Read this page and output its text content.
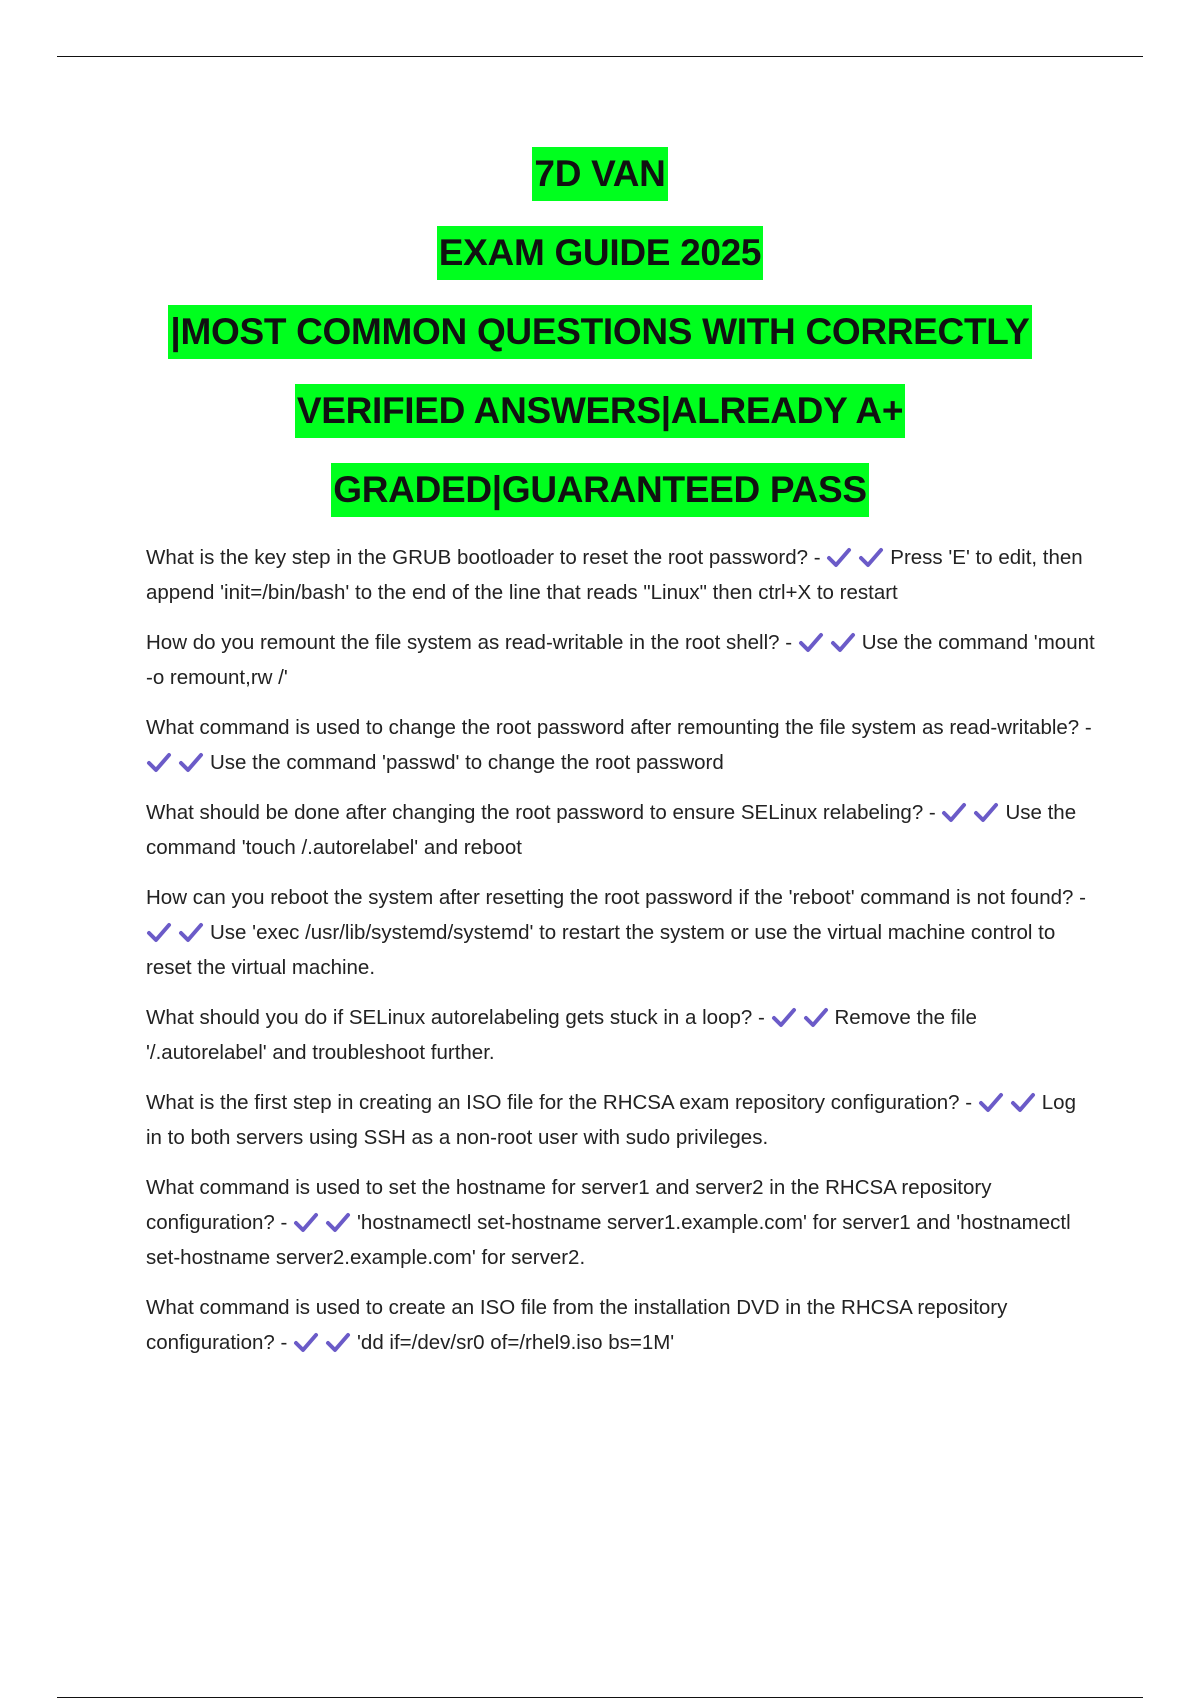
7D VAN
EXAM GUIDE 2025
|MOST COMMON QUESTIONS WITH CORRECTLY
VERIFIED ANSWERS|ALREADY A+
GRADED|GUARANTEED PASS

What is the key step in the GRUB bootloader to reset the root password? -	Press 'E' to edit, then append 'init=/bin/bash' to the end of the line that reads "Linux" then ctrl+X to restart

How do you remount the file system as read-writable in the root shell? -	Use the command 'mount -o remount,rw /'

What command is used to change the root password after remounting the file system as read-writable? -
Use the command 'passwd' to change the root password

What should be done after changing the root password to ensure SELinux relabeling? -	Use the command 'touch /.autorelabel' and reboot

How can you reboot the system after resetting the root password if the 'reboot' command is not found? -
Use 'exec /usr/lib/systemd/systemd' to restart the system or use the virtual machine control to reset the virtual machine.

What should you do if SELinux autorelabeling gets stuck in a loop? -	Remove the file '/.autorelabel' and troubleshoot further.

What is the first step in creating an ISO file for the RHCSA exam repository configuration? -	Log in to both servers using SSH as a non-root user with sudo privileges.

What command is used to set the hostname for server1 and server2 in the RHCSA repository configuration? -	'hostnamectl set-hostname server1.example.com' for server1 and 'hostnamectl set-hostname server2.example.com' for server2.

What command is used to create an ISO file from the installation DVD in the RHCSA repository configuration? -	'dd if=/dev/sr0 of=/rhel9.iso bs=1M'
